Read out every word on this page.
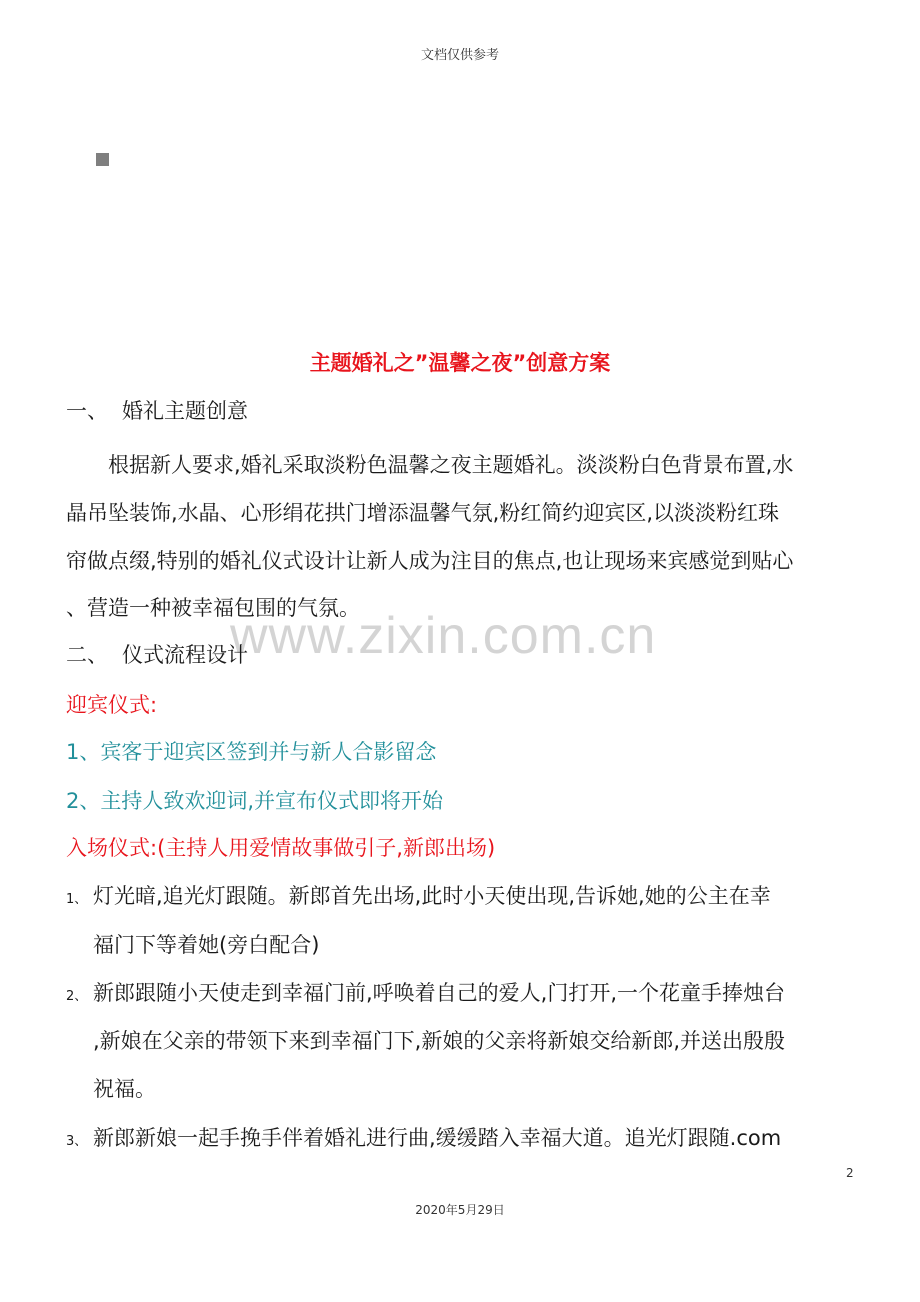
文档仅供参考
主题婚礼之”温馨之夜”创意方案
一、 婚礼主题创意
　　根据新人要求,婚礼采取淡粉色温馨之夜主题婚礼。淡淡粉白色背景布置,水
晶吊坠装饰,水晶、心形绢花拱门增添温馨气氛,粉红简约迎宾区,以淡淡粉红珠
帘做点缀,特别的婚礼仪式设计让新人成为注目的焦点,也让现场来宾感觉到贴心
、营造一种被幸福包围的气氛。
www.zixin.com.cn
二、 仪式流程设计
迎宾仪式:
1、宾客于迎宾区签到并与新人合影留念
2、主持人致欢迎词,并宣布仪式即将开始
入场仪式:(主持人用爱情故事做引子,新郎出场)
1、 灯光暗,追光灯跟随。新郎首先出场,此时小天使出现,告诉她,她的公主在幸
福门下等着她(旁白配合)
2、 新郎跟随小天使走到幸福门前,呼唤着自己的爱人,门打开,一个花童手捧烛台
,新娘在父亲的带领下来到幸福门下,新娘的父亲将新娘交给新郎,并送出殷殷
祝福。
3、 新郎新娘一起手挽手伴着婚礼进行曲,缓缓踏入幸福大道。追光灯跟随.com
2
2020年5月29日
